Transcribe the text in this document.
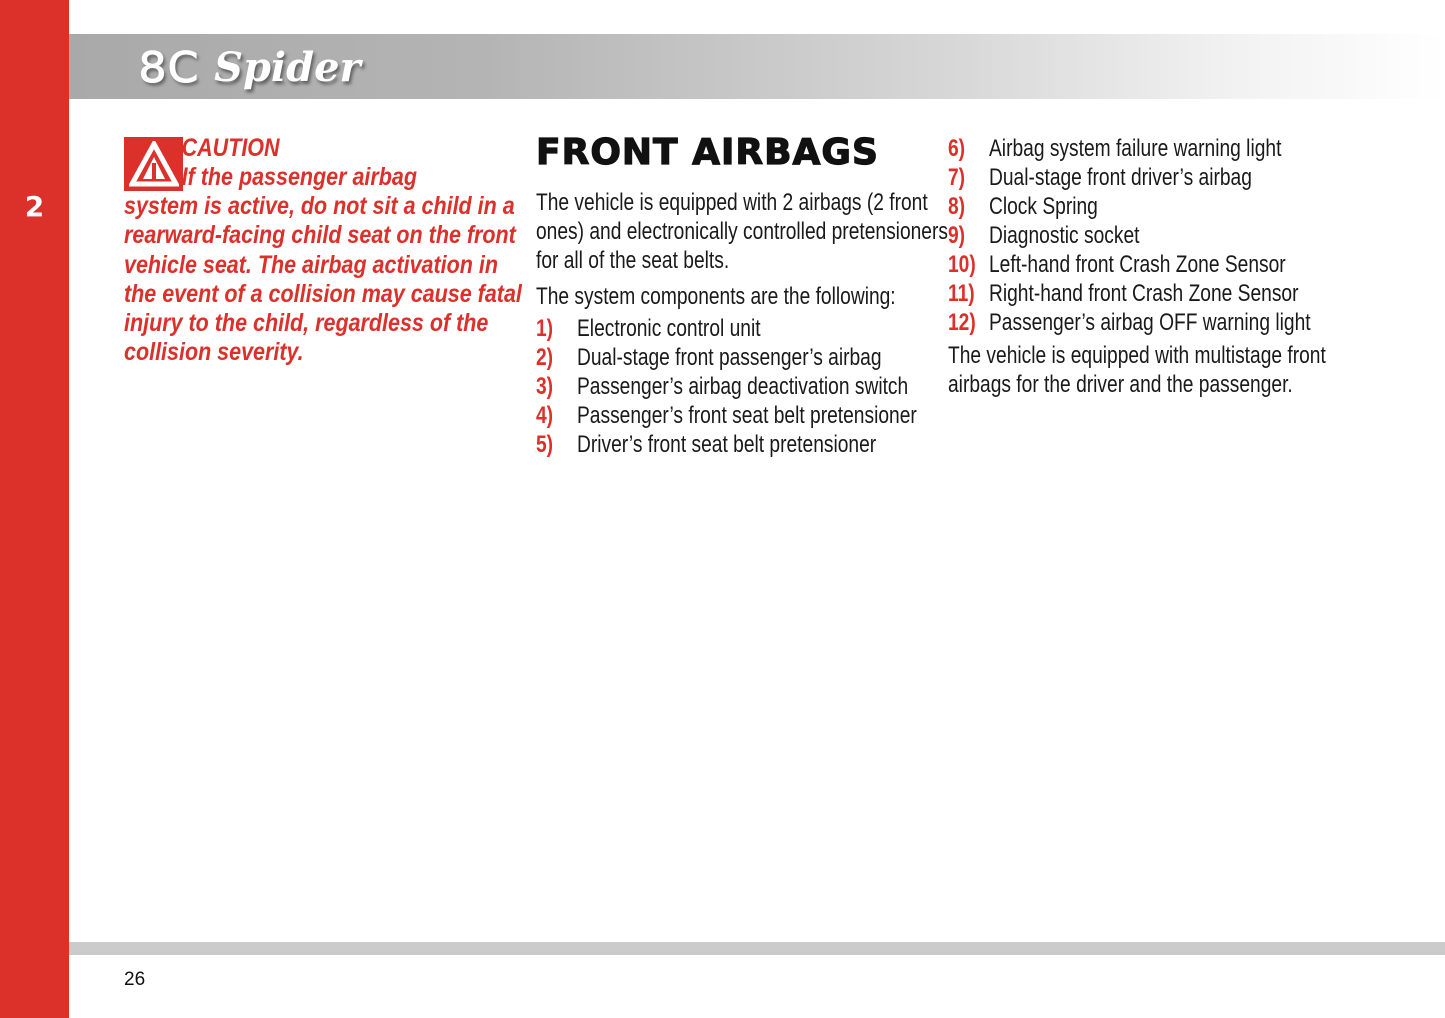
2
8C Spider
CAUTION
If the passenger airbag
system is active, do not sit a child in a
rearward-facing child seat on the front
vehicle seat. The airbag activation in
the event of a collision may cause fatal
injury to the child, regardless of the
collision severity.
FRONT AIRBAGS
The vehicle is equipped with 2 airbags (2 front
ones) and electronically controlled pretensioners
for all of the seat belts.
The system components are the following:
1) Electronic control unit
2) Dual-stage front passenger’s airbag
3) Passenger’s airbag deactivation switch
4) Passenger’s front seat belt pretensioner
5) Driver’s front seat belt pretensioner
6) Airbag system failure warning light
7) Dual-stage front driver’s airbag
8) Clock Spring
9) Diagnostic socket
10) Left-hand front Crash Zone Sensor
11) Right-hand front Crash Zone Sensor
12) Passenger’s airbag OFF warning light
The vehicle is equipped with multistage front
airbags for the driver and the passenger.
26
